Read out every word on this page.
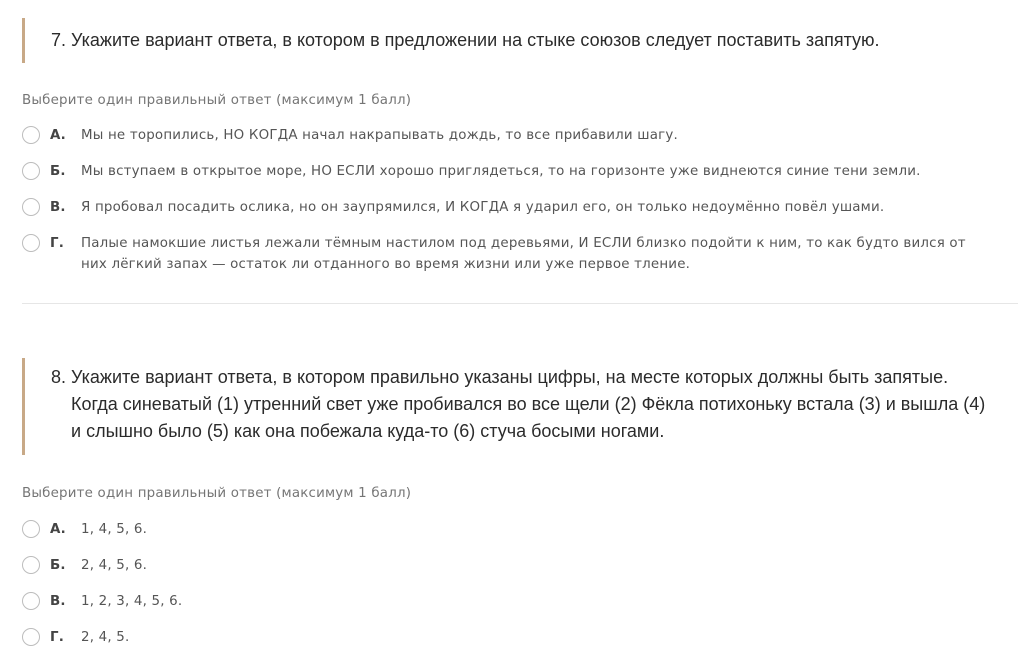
7. Укажите вариант ответа, в котором в предложении на стыке союзов следует поставить запятую.
Выберите один правильный ответ (максимум 1 балл)
А.	Мы не торопились, НО КОГДА начал накрапывать дождь, то все прибавили шагу.
Б.	Мы вступаем в открытое море, НО ЕСЛИ хорошо приглядеться, то на горизонте уже виднеются синие тени земли.
В.	Я пробовал посадить ослика, но он заупрямился, И КОГДА я ударил его, он только недоумённо повёл ушами.
Г.	Палые намокшие листья лежали тёмным настилом под деревьями, И ЕСЛИ близко подойти к ним, то как будто вился от них лёгкий запах — остаток ли отданного во время жизни или уже первое тление.
8. Укажите вариант ответа, в котором правильно указаны цифры, на месте которых должны быть запятые.
Когда синеватый (1) утренний свет уже пробивался во все щели (2) Фёкла потихоньку встала (3) и вышла (4)
и слышно было (5) как она побежала куда-то (6) стуча босыми ногами.
Выберите один правильный ответ (максимум 1 балл)
А.	1, 4, 5, 6.
Б.	2, 4, 5, 6.
В.	1, 2, 3, 4, 5, 6.
Г.	2, 4, 5.
